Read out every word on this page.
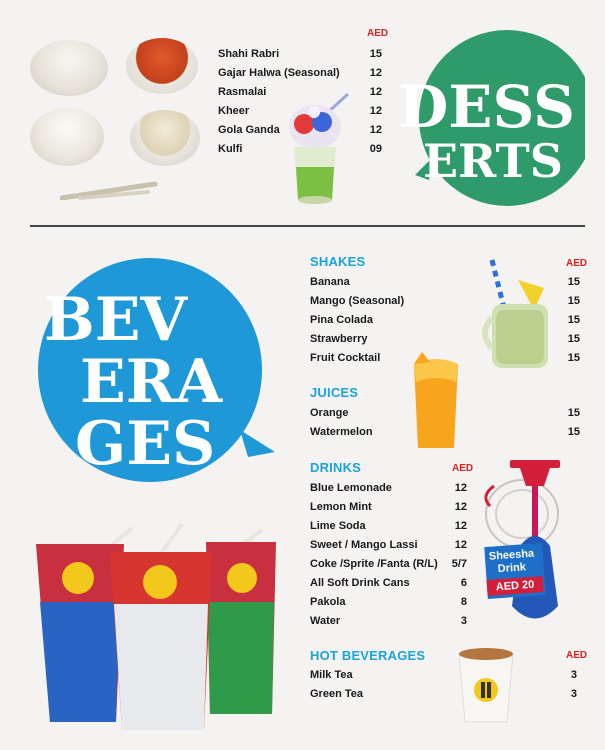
AED
Shahi Rabri	15
Gajar Halwa (Seasonal)	12
Rasmalai	12
Kheer	12
Gola Ganda	12
Kulfi	09
DESS
ERTS
BEV
ERA
GES
SHAKES	AED
Banana	15
Mango (Seasonal)	15
Pina Colada	15
Strawberry	15
Fruit Cocktail	15
JUICES
Orange	15
Watermelon	15
DRINKS	AED
Blue Lemonade	12
Lemon Mint	12
Lime Soda	12
Sweet / Mango Lassi	12
Coke /Sprite /Fanta (R/L)	5/7
All Soft Drink Cans	6
Pakola	8
Water	3
Sheesha
Drink
AED 20
HOT BEVERAGES	AED
Milk Tea	3
Green Tea	3
